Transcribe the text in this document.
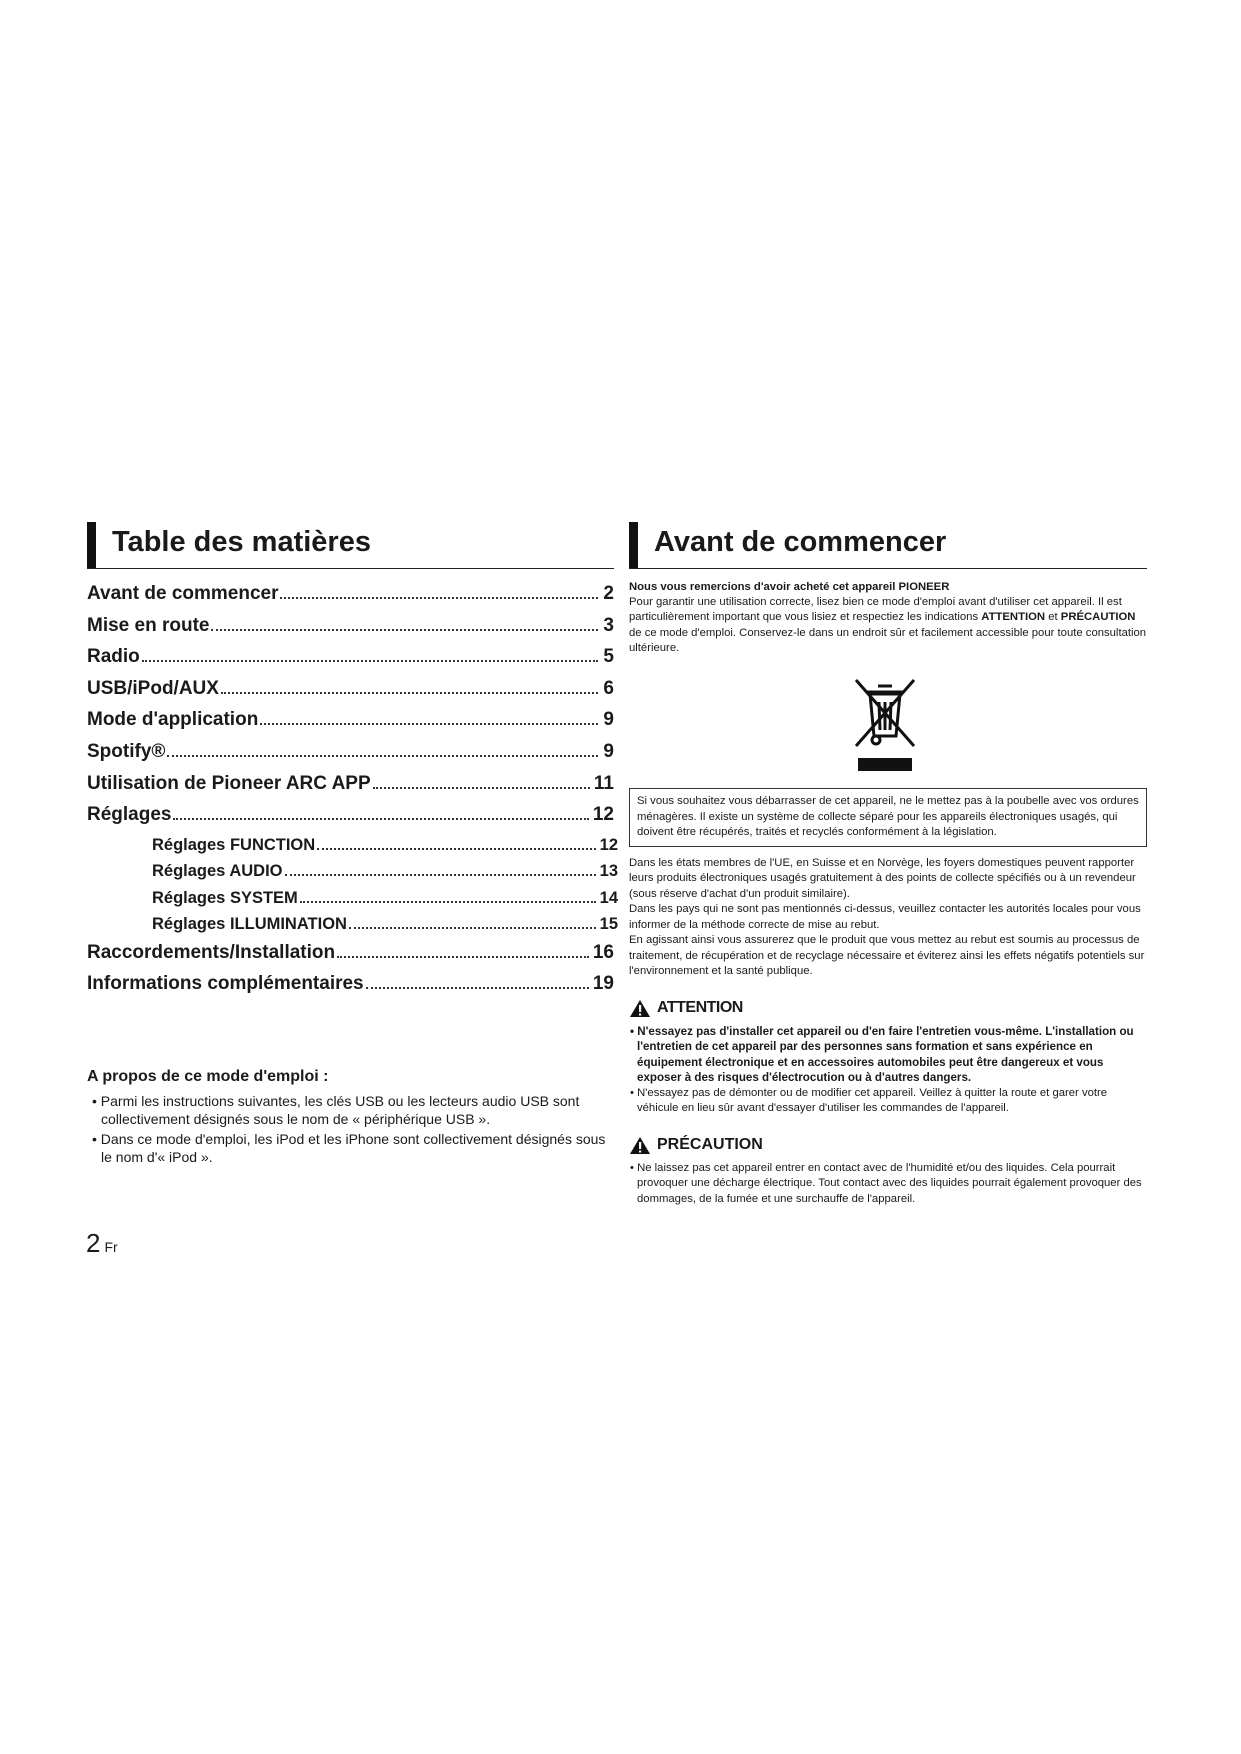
Table des matières
Avant de commencer	2
Mise en route	3
Radio	5
USB/iPod/AUX	6
Mode d'application	9
Spotify®	9
Utilisation de Pioneer ARC APP	11
Réglages	12
Réglages FUNCTION	12
Réglages AUDIO	13
Réglages SYSTEM	14
Réglages ILLUMINATION	15
Raccordements/Installation	16
Informations complémentaires	19
A propos de ce mode d'emploi :
• Parmi les instructions suivantes, les clés USB ou les lecteurs audio USB sont collectivement désignés sous le nom de « périphérique USB ».
• Dans ce mode d'emploi, les iPod et les iPhone sont collectivement désignés sous le nom d'« iPod ».
2 Fr
Avant de commencer
Nous vous remercions d'avoir acheté cet appareil PIONEER
Pour garantir une utilisation correcte, lisez bien ce mode d'emploi avant d'utiliser cet appareil. Il est particulièrement important que vous lisiez et respectiez les indications ATTENTION et PRÉCAUTION de ce mode d'emploi. Conservez-le dans un endroit sûr et facilement accessible pour toute consultation ultérieure.
Si vous souhaitez vous débarrasser de cet appareil, ne le mettez pas à la poubelle avec vos ordures ménagères. Il existe un système de collecte séparé pour les appareils électroniques usagés, qui doivent être récupérés, traités et recyclés conformément à la législation.
Dans les états membres de l'UE, en Suisse et en Norvège, les foyers domestiques peuvent rapporter leurs produits électroniques usagés gratuitement à des points de collecte spécifiés ou à un revendeur (sous réserve d'achat d'un produit similaire).
Dans les pays qui ne sont pas mentionnés ci-dessus, veuillez contacter les autorités locales pour vous informer de la méthode correcte de mise au rebut.
En agissant ainsi vous assurerez que le produit que vous mettez au rebut est soumis au processus de traitement, de récupération et de recyclage nécessaire et éviterez ainsi les effets négatifs potentiels sur l'environnement et la santé publique.
ATTENTION
• N'essayez pas d'installer cet appareil ou d'en faire l'entretien vous-même. L'installation ou l'entretien de cet appareil par des personnes sans formation et sans expérience en équipement électronique et en accessoires automobiles peut être dangereux et vous exposer à des risques d'électrocution ou à d'autres dangers.
• N'essayez pas de démonter ou de modifier cet appareil. Veillez à quitter la route et garer votre véhicule en lieu sûr avant d'essayer d'utiliser les commandes de l'appareil.
PRÉCAUTION
• Ne laissez pas cet appareil entrer en contact avec de l'humidité et/ou des liquides. Cela pourrait provoquer une décharge électrique. Tout contact avec des liquides pourrait également provoquer des dommages, de la fumée et une surchauffe de l'appareil.
